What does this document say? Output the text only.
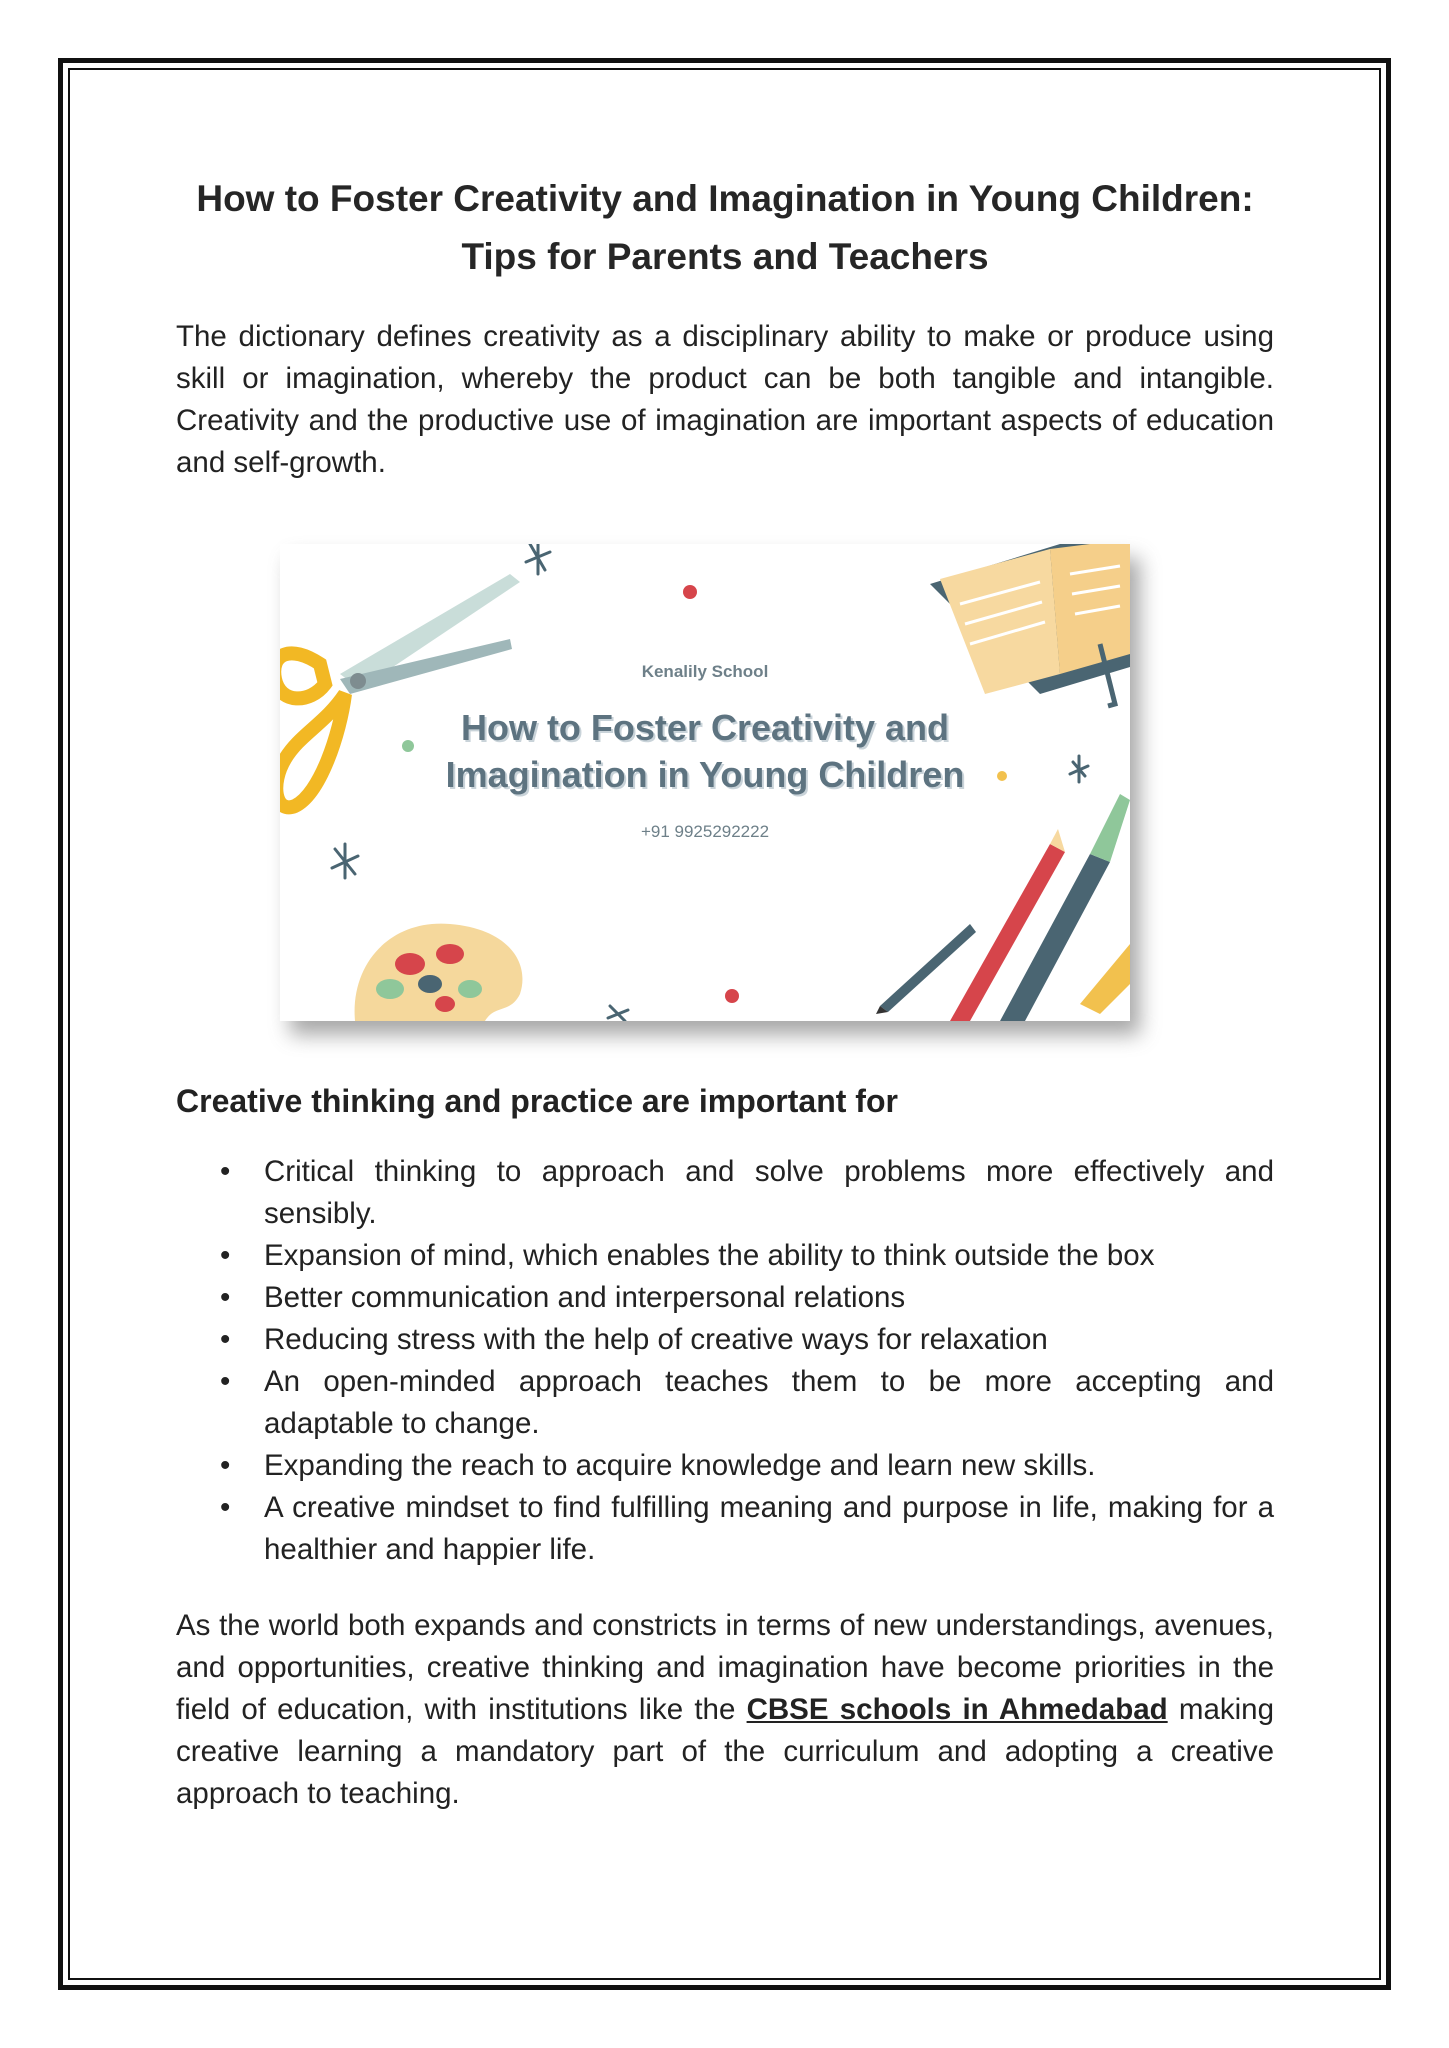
How to Foster Creativity and Imagination in Young Children:
Tips for Parents and Teachers

The dictionary defines creativity as a disciplinary ability to make or produce using skill or imagination, whereby the product can be both tangible and intangible. Creativity and the productive use of imagination are important aspects of education and self-growth.

Kenalily School
How to Foster Creativity and
Imagination in Young Children
+91 9925292222
Creative thinking and practice are important for
• Critical thinking to approach and solve problems more effectively and sensibly.
• Expansion of mind, which enables the ability to think outside the box
• Better communication and interpersonal relations
• Reducing stress with the help of creative ways for relaxation
• An open-minded approach teaches them to be more accepting and adaptable to change.
• Expanding the reach to acquire knowledge and learn new skills.
• A creative mindset to find fulfilling meaning and purpose in life, making for a healthier and happier life.

As the world both expands and constricts in terms of new understandings, avenues, and opportunities, creative thinking and imagination have become priorities in the field of education, with institutions like the CBSE schools in Ahmedabad making creative learning a mandatory part of the curriculum and adopting a creative approach to teaching.
